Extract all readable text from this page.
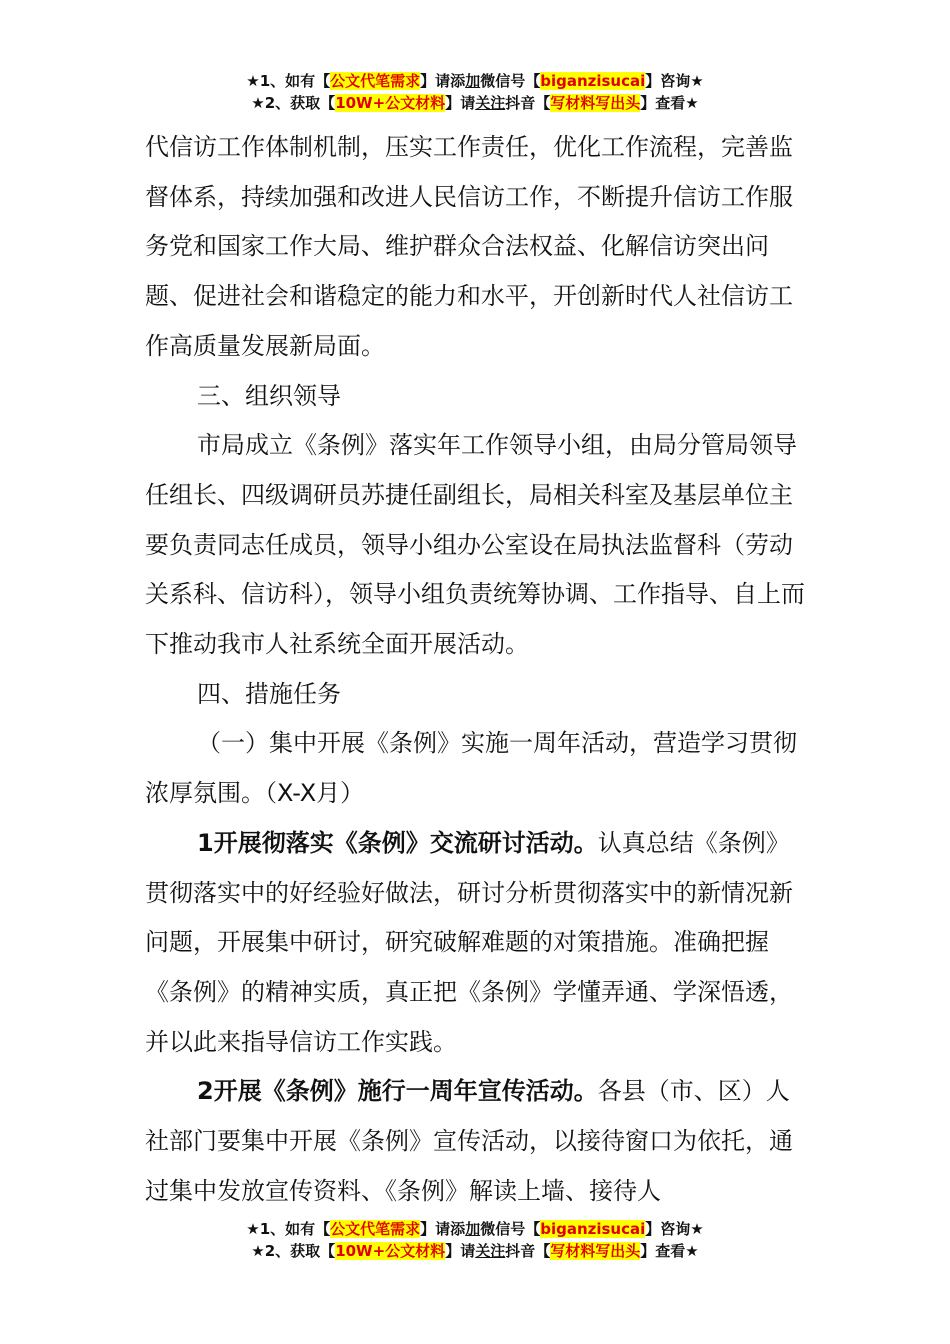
★1、如有【公文代笔需求】请添加微信号【biganzisucai】咨询★
★2、获取【10W+公文材料】请关注抖音【写材料写出头】查看★

代信访工作体制机制，压实工作责任，优化工作流程，完善监督体系，持续加强和改进人民信访工作，不断提升信访工作服务党和国家工作大局、维护群众合法权益、化解信访突出问题、促进社会和谐稳定的能力和水平，开创新时代人社信访工作高质量发展新局面。

三、组织领导

市局成立《条例》落实年工作领导小组，由局分管局领导任组长、四级调研员苏捷任副组长，局相关科室及基层单位主要负责同志任成员，领导小组办公室设在局执法监督科（劳动关系科、信访科），领导小组负责统筹协调、工作指导、自上而下推动我市人社系统全面开展活动。

四、措施任务

（一）集中开展《条例》实施一周年活动，营造学习贯彻浓厚氛围。（X-X月）

1开展彻落实《条例》交流研讨活动。认真总结《条例》贯彻落实中的好经验好做法，研讨分析贯彻落实中的新情况新问题，开展集中研讨，研究破解难题的对策措施。准确把握《条例》的精神实质，真正把《条例》学懂弄通、学深悟透，并以此来指导信访工作实践。

2开展《条例》施行一周年宣传活动。各县（市、区）人社部门要集中开展《条例》宣传活动，以接待窗口为依托，通过集中发放宣传资料、《条例》解读上墙、接待人

★1、如有【公文代笔需求】请添加微信号【biganzisucai】咨询★
★2、获取【10W+公文材料】请关注抖音【写材料写出头】查看★
